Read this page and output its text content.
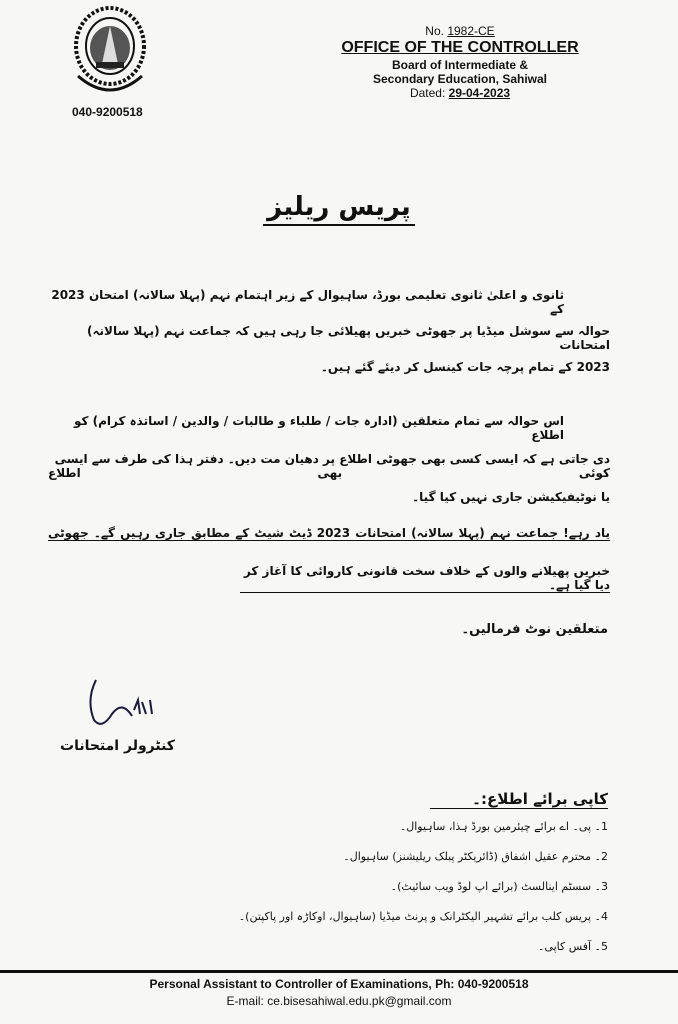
040-9200518
No. 1982-CE
OFFICE OF THE CONTROLLER
Board of Intermediate &
Secondary Education, Sahiwal
Dated: 29-04-2023
پریس ریلیز
ثانوی و اعلیٰ ثانوی تعلیمی بورڈ، ساہیوال کے زیر اہتمام نہم (پہلا سالانہ) امتحان 2023 کے
حوالہ سے سوشل میڈیا پر جھوٹی خبریں پھیلائی جا رہی ہیں کہ جماعت نہم (پہلا سالانہ) امتحانات
2023 کے تمام پرچہ جات کینسل کر دیئے گئے ہیں۔
اس حوالہ سے تمام متعلقین (ادارہ جات / طلباء و طالبات / والدین / اساتذہ کرام) کو اطلاع
دی جاتی ہے کہ ایسی کسی بھی جھوٹی اطلاع پر دھیان مت دیں۔ دفتر ہذا کی طرف سے ایسی کوئی بھی اطلاع
یا نوٹیفیکیشن جاری نہیں کیا گیا۔
یاد رہے! جماعت نہم (پہلا سالانہ) امتحانات 2023 ڈیٹ شیٹ کے مطابق جاری رہیں گے۔ جھوٹی
خبریں پھیلانے والوں کے خلاف سخت قانونی کاروائی کا آغاز کر دیا گیا ہے۔
متعلقین نوٹ فرمالیں۔
کنٹرولر امتحانات
کاپی برائے اطلاع:۔
1۔ پی۔ اے برائے چیئرمین بورڈ ہذا، ساہیوال۔
2۔ محترم عقیل اشفاق (ڈائریکٹر پبلک ریلیشنز) ساہیوال۔
3۔ سسٹم اینالسٹ (برائے اپ لوڈ ویب سائیٹ)۔
4۔ پریس کلب برائے تشہیر الیکٹرانک و پرنٹ میڈیا (ساہیوال، اوکاڑہ اور پاکپتن)۔
5۔ آفس کاپی۔
Personal Assistant to Controller of Examinations, Ph: 040-9200518
E-mail: ce.bisesahiwal.edu.pk@gmail.com
